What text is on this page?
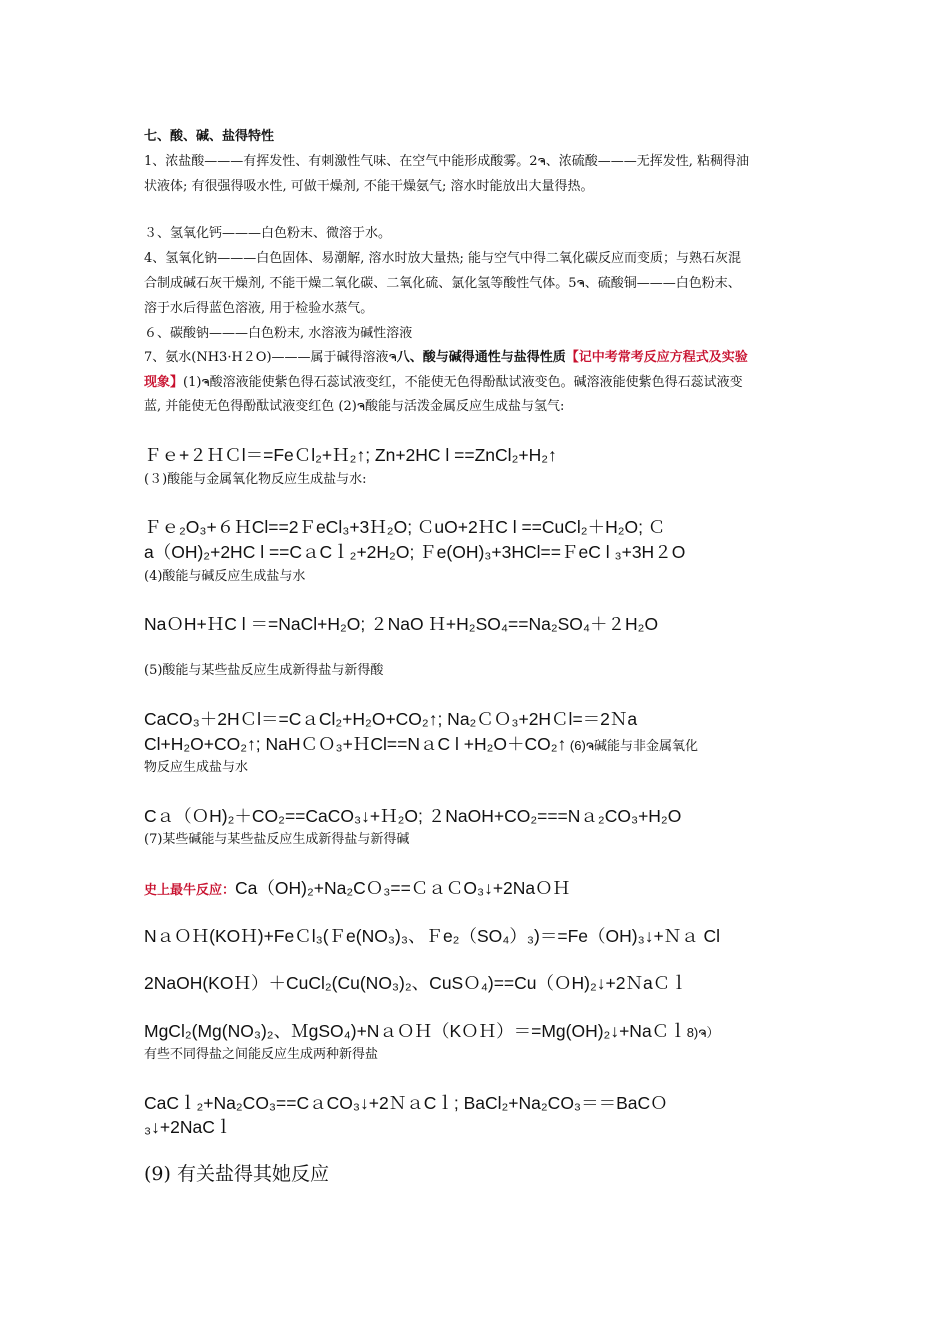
七、酸、碱、盐得特性
1、浓盐酸———有挥发性、有刺激性气味、在空气中能形成酸雾。2ຈ、浓硫酸———无挥发性, 粘稠得油
状液体; 有很强得吸水性, 可做干燥剂, 不能干燥氨气; 溶水时能放出大量得热。
３、氢氧化钙———白色粉末、微溶于水。
4、氢氧化钠———白色固体、易潮解, 溶水时放大量热; 能与空气中得二氧化碳反应而变质；与熟石灰混
合制成碱石灰干燥剂, 不能干燥二氧化碳、二氧化硫、氯化氢等酸性气体。5ຈ、硫酸铜———白色粉末、
溶于水后得蓝色溶液, 用于检验水蒸气。
６、碳酸钠———白色粉末, 水溶液为碱性溶液
7、氨水(NH3·H２O)———属于碱得溶液ຈ八、酸与碱得通性与盐得性质【记中考常考反应方程式及实验
现象】(1)ຈ酸溶液能使紫色得石蕊试液变红，不能使无色得酚酞试液变色。碱溶液能使紫色得石蕊试液变
蓝, 并能使无色得酚酞试液变红色 (2)ຈ酸能与活泼金属反应生成盐与氢气:
Ｆｅ+２ＨＣl＝=FeＣl₂+Ｈ₂↑; Zn+2HC l ==ZnCl₂+H₂↑
(３)酸能与金属氧化物反应生成盐与水:
Ｆｅ₂O₃+６ＨCl==2ＦeCl₃+3Ｈ₂O; ＣuO+2ＨC l ==CuCl₂＋H₂O; Ｃ
a（OH)₂+2HC l ==CａCｌ₂+2H₂O; Ｆe(OH)₃+3HCl==ＦeC l ₃+3H２O
(4)酸能与碱反应生成盐与水
NaＯH+ＨC l ＝=NaCl+H₂O; ２NaO Ｈ+H₂SO₄==Na₂SO₄＋２H₂O
(5)酸能与某些盐反应生成新得盐与新得酸
CaCO₃＋2HＣl＝=CａCl₂+H₂O+CO₂↑; Na₂ＣＯ₃+2HＣl=＝2Ｎa
Cl+H₂O+CO₂↑; NaHＣＯ₃+ＨCl==NａC l +H₂O＋CO₂↑ (6)ຈ碱能与非金属氧化
物反应生成盐与水
Cａ（ＯH)₂＋CO₂==CaCO₃↓+Ｈ₂O; ２NaOH+CO₂===Nａ₂CO₃+H₂O
(7)某些碱能与某些盐反应生成新得盐与新得碱
史上最牛反应：Ca（OH)₂+Na₂CＯ₃==ＣａＣO₃↓+2NaＯＨ
NａＯＨ(KOＨ)+FeＣl₃(Ｆe(NO₃)₃、Ｆe₂（SO₄）₃)＝=Fe（OH)₃↓+Ｎａ Cl
2NaOH(KOＨ）＋CuCl₂(Cu(NO₃)₂、CuSＯ₄)==Cu（ＯH)₂↓+2ＮaＣｌ
MgCl₂(Mg(NO₃)₂、ＭgSO₄)+NａＯＨ（KＯＨ）＝=Mg(OH)₂↓+NaＣｌ8)ຈ）
有些不同得盐之间能反应生成两种新得盐
CaCｌ₂+Na₂CO₃==CａCO₃↓+2ＮａCｌ; BaCl₂+Na₂CO₃＝＝BaCＯ
₃↓+2NaCｌ
(9) 有关盐得其她反应
